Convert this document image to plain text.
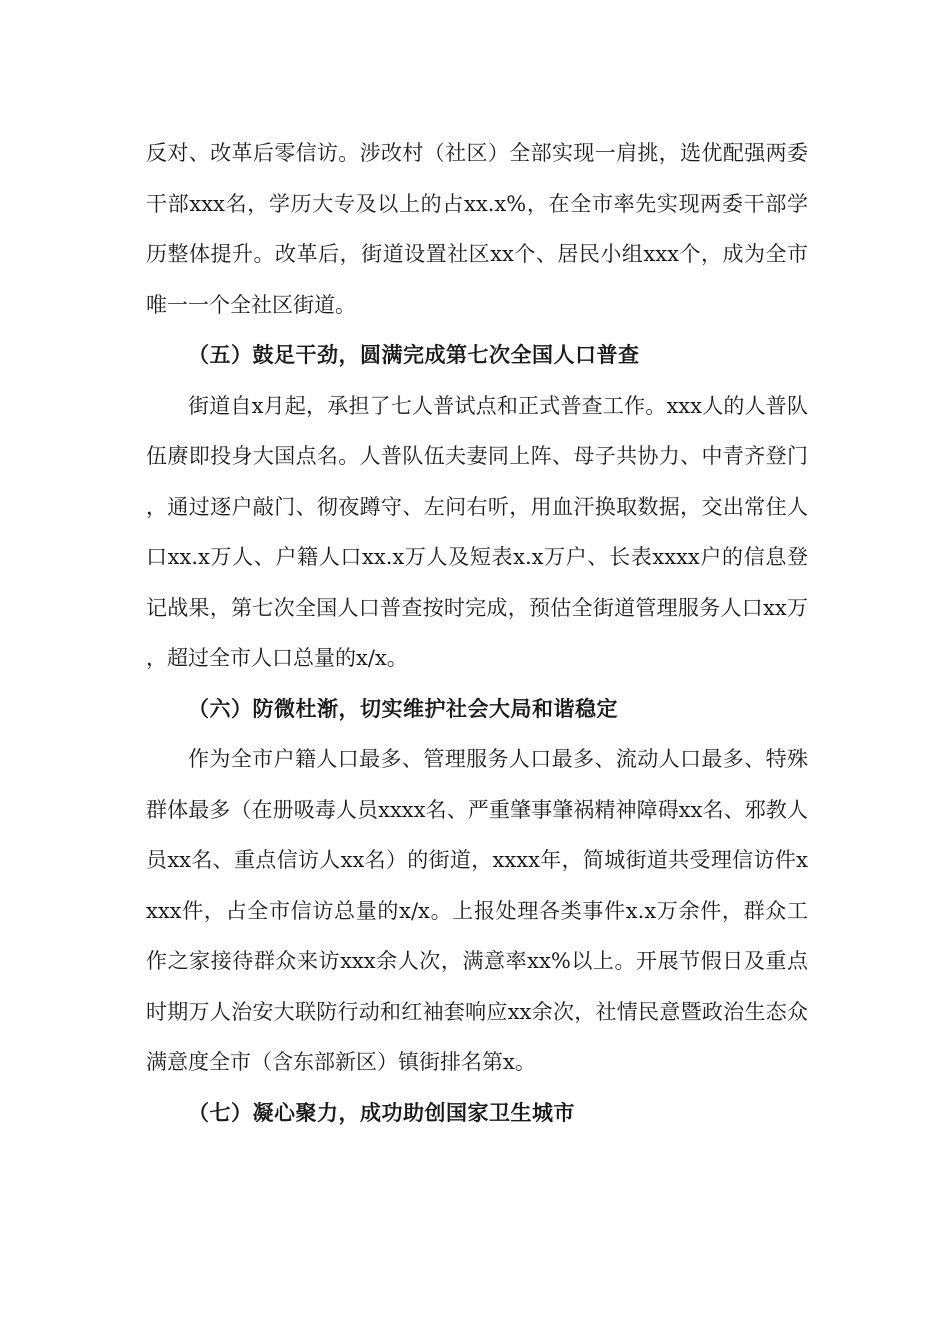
反对、改革后零信访。涉改村（社区）全部实现一肩挑，选优配强两委干部xxx名，学历大专及以上的占xx.x%，在全市率先实现两委干部学历整体提升。改革后，街道设置社区xx个、居民小组xxx个，成为全市唯一一个全社区街道。

（五）鼓足干劲，圆满完成第七次全国人口普查

街道自x月起，承担了七人普试点和正式普查工作。xxx人的人普队伍赓即投身大国点名。人普队伍夫妻同上阵、母子共协力、中青齐登门，通过逐户敲门、彻夜蹲守、左问右听，用血汗换取数据，交出常住人口xx.x万人、户籍人口xx.x万人及短表x.x万户、长表xxxx户的信息登记战果，第七次全国人口普查按时完成，预估全街道管理服务人口xx万，超过全市人口总量的x/x。

（六）防微杜渐，切实维护社会大局和谐稳定

作为全市户籍人口最多、管理服务人口最多、流动人口最多、特殊群体最多（在册吸毒人员xxxx名、严重肇事肇祸精神障碍xx名、邪教人员xx名、重点信访人xx名）的街道，xxxx年，简城街道共受理信访件xxxx件，占全市信访总量的x/x。上报处理各类事件x.x万余件，群众工作之家接待群众来访xxx余人次，满意率xx%以上。开展节假日及重点时期万人治安大联防行动和红袖套响应xx余次，社情民意暨政治生态众满意度全市（含东部新区）镇街排名第x。

（七）凝心聚力，成功助创国家卫生城市
